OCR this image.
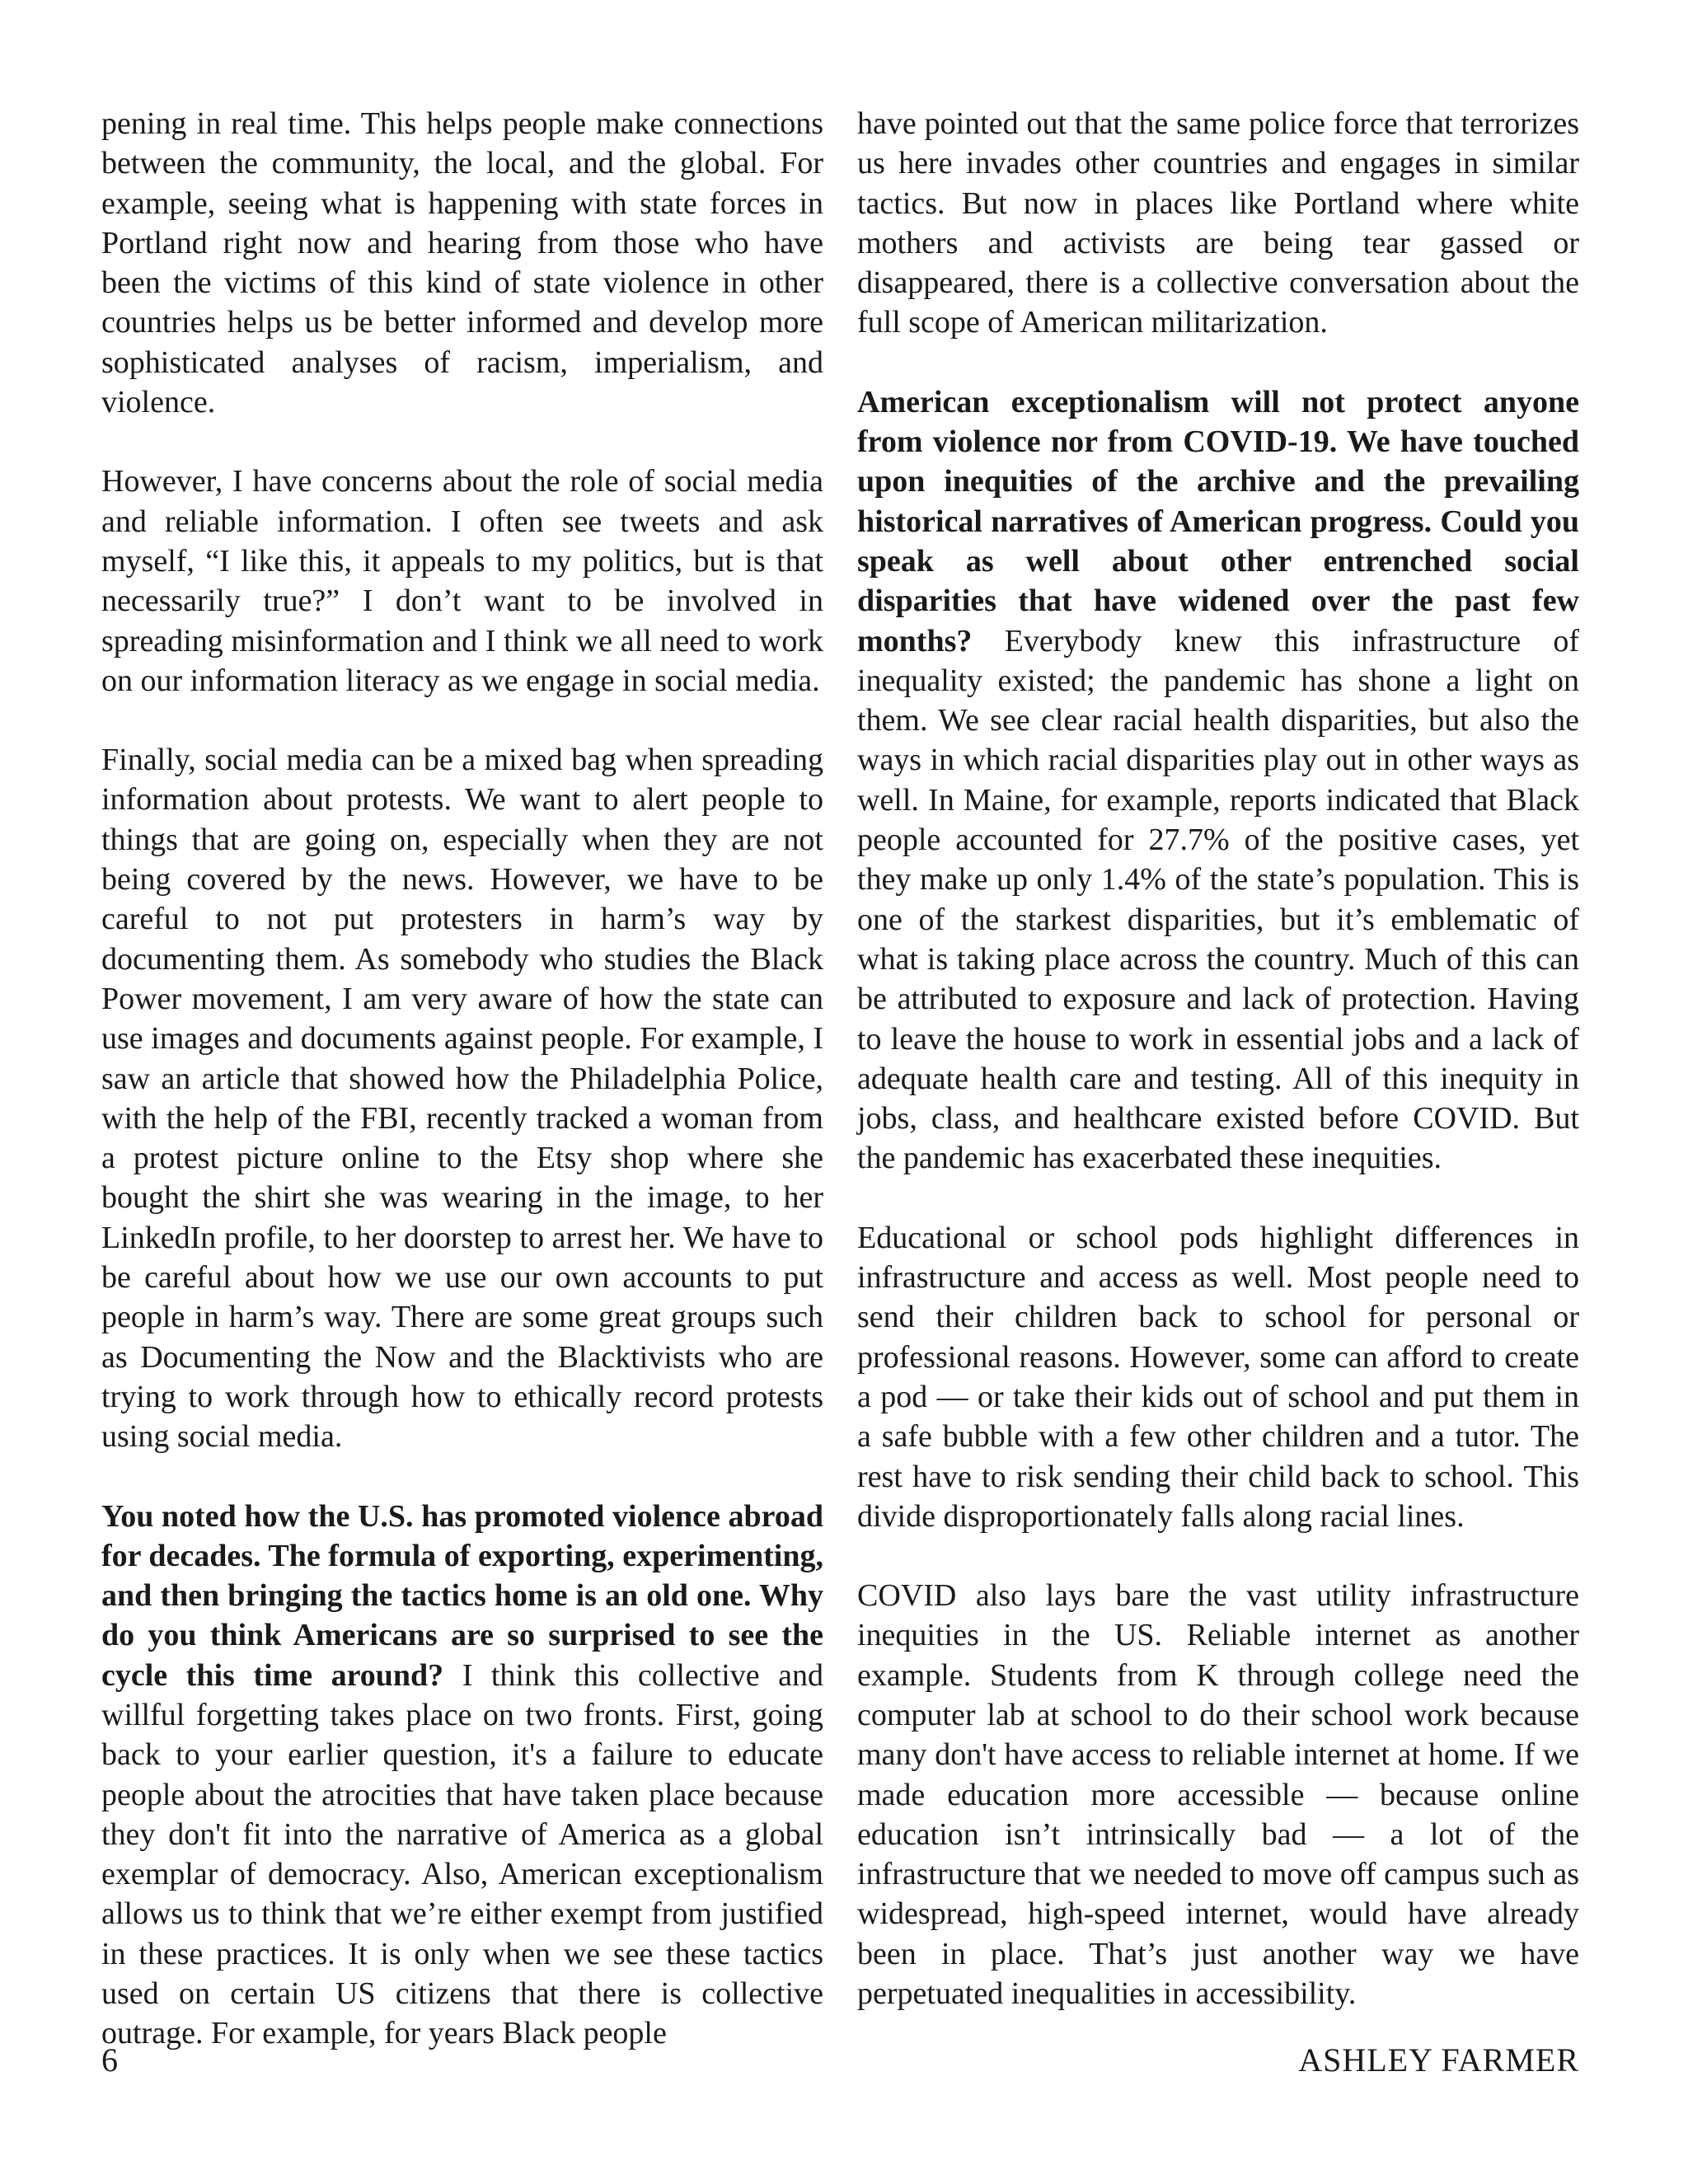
pening in real time. This helps people make connections between the community, the local, and the global. For example, seeing what is happening with state forces in Portland right now and hearing from those who have been the victims of this kind of state violence in other countries helps us be better informed and develop more sophisticated analyses of racism, imperialism, and violence.

However, I have concerns about the role of social media and reliable information. I often see tweets and ask myself, “I like this, it appeals to my politics, but is that necessarily true?” I don’t want to be involved in spreading misinformation and I think we all need to work on our information literacy as we engage in social media.

Finally, social media can be a mixed bag when spreading information about protests. We want to alert people to things that are going on, especially when they are not being covered by the news. However, we have to be careful to not put protesters in harm’s way by documenting them. As somebody who studies the Black Power movement, I am very aware of how the state can use images and documents against people. For example, I saw an article that showed how the Philadelphia Police, with the help of the FBI, recently tracked a woman from a protest picture online to the Etsy shop where she bought the shirt she was wearing in the image, to her LinkedIn profile, to her doorstep to arrest her. We have to be careful about how we use our own accounts to put people in harm’s way. There are some great groups such as Documenting the Now and the Blacktivists who are trying to work through how to ethically record protests using social media.

You noted how the U.S. has promoted violence abroad for decades. The formula of exporting, experimenting, and then bringing the tactics home is an old one. Why do you think Americans are so surprised to see the cycle this time around? I think this collective and willful forgetting takes place on two fronts. First, going back to your earlier question, it's a failure to educate people about the atrocities that have taken place because they don't fit into the narrative of America as a global exemplar of democracy. Also, American exceptionalism allows us to think that we’re either exempt from justified in these practices. It is only when we see these tactics used on certain US citizens that there is collective outrage. For example, for years Black people

have pointed out that the same police force that terrorizes us here invades other countries and engages in similar tactics. But now in places like Portland where white mothers and activists are being tear gassed or disappeared, there is a collective conversation about the full scope of American militarization.

American exceptionalism will not protect anyone from violence nor from COVID-19. We have touched upon inequities of the archive and the prevailing historical narratives of American progress. Could you speak as well about other entrenched social disparities that have widened over the past few months? Everybody knew this infrastructure of inequality existed; the pandemic has shone a light on them. We see clear racial health disparities, but also the ways in which racial disparities play out in other ways as well. In Maine, for example, reports indicated that Black people accounted for 27.7% of the positive cases, yet they make up only 1.4% of the state’s population. This is one of the starkest disparities, but it’s emblematic of what is taking place across the country. Much of this can be attributed to exposure and lack of protection. Having to leave the house to work in essential jobs and a lack of adequate health care and testing. All of this inequity in jobs, class, and healthcare existed before COVID. But the pandemic has exacerbated these inequities.

Educational or school pods highlight differences in infrastructure and access as well. Most people need to send their children back to school for personal or professional reasons. However, some can afford to create a pod — or take their kids out of school and put them in a safe bubble with a few other children and a tutor. The rest have to risk sending their child back to school. This divide disproportionately falls along racial lines.

COVID also lays bare the vast utility infrastructure inequities in the US. Reliable internet as another example. Students from K through college need the computer lab at school to do their school work because many don't have access to reliable internet at home. If we made education more accessible — because online education isn’t intrinsically bad — a lot of the infrastructure that we needed to move off campus such as widespread, high-speed internet, would have already been in place. That’s just another way we have perpetuated inequalities in accessibility.

6	ASHLEY FARMER
